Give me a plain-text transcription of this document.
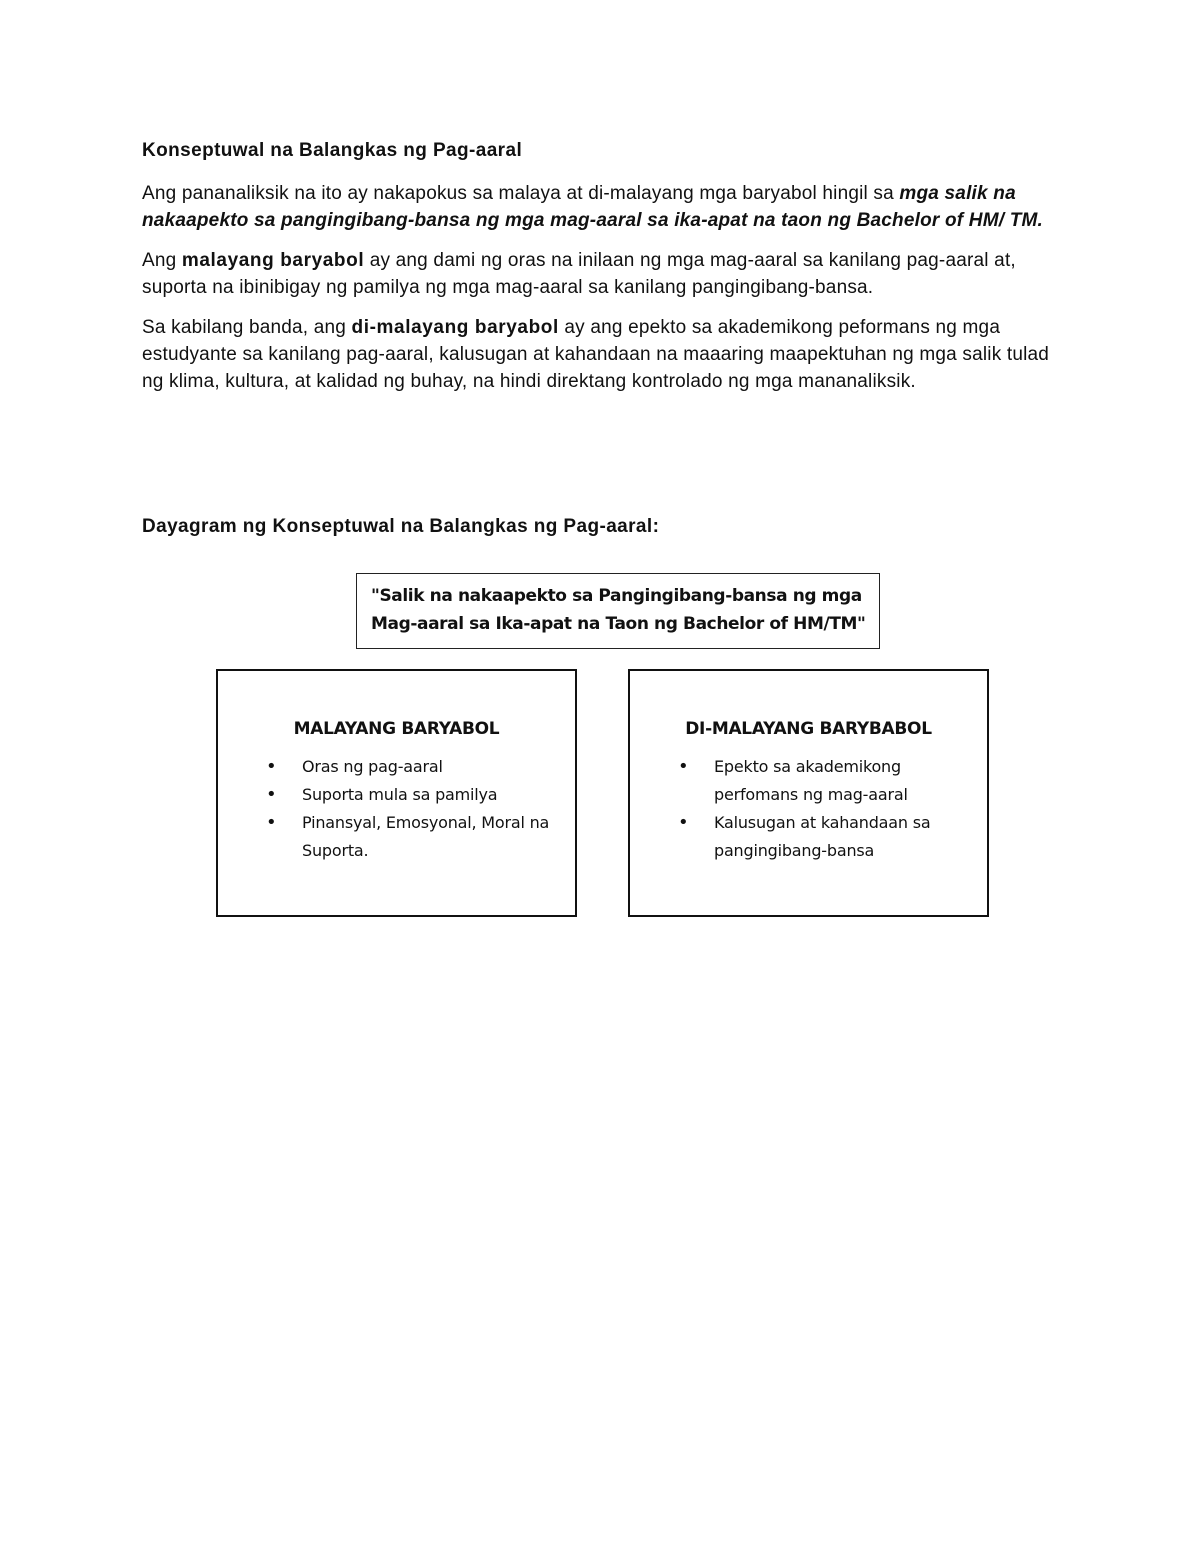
Konseptuwal na Balangkas ng Pag-aaral

Ang pananaliksik na ito ay nakapokus sa malaya at di-malayang mga baryabol hingil sa mga salik na nakaapekto sa pangingibang-bansa ng mga mag-aaral sa ika-apat na taon ng Bachelor of HM/ TM.

Ang malayang baryabol ay ang dami ng oras na inilaan ng mga mag-aaral sa kanilang pag-aaral at, suporta na ibinibigay ng pamilya ng mga mag-aaral sa kanilang pangingibang-bansa.

Sa kabilang banda, ang di-malayang baryabol ay ang epekto sa akademikong peformans ng mga estudyante sa kanilang pag-aaral, kalusugan at kahandaan na maaaring maapektuhan ng mga salik tulad ng klima, kultura, at kalidad ng buhay, na hindi direktang kontrolado ng mga mananaliksik.

Dayagram ng Konseptuwal na Balangkas ng Pag-aaral:

"Salik na nakaapekto sa Pangingibang-bansa ng mga
Mag-aaral sa Ika-apat na Taon ng Bachelor of HM/TM"
MALAYANG BARYABOL
• Oras ng pag-aaral
• Suporta mula sa pamilya
• Pinansyal, Emosyonal, Moral na Suporta.
DI-MALAYANG BARYBABOL
• Epekto sa akademikong perfomans ng mag-aaral
• Kalusugan at kahandaan sa pangingibang-bansa
